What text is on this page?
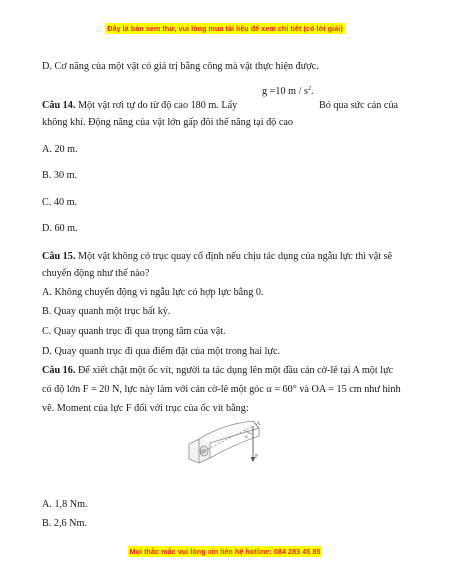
Đây là bản xem thử, vui lòng mua tài liệu để xem chi tiết (có lời giải)
D. Cơ năng của một vật có giá trị bằng công mà vật thực hiện được.
g =10 m / $s^2$.
Câu 14. Một vật rơi tự do từ độ cao 180 m. Lấy	Bỏ qua sức cản của
không khí. Động năng của vật lớn gấp đôi thế năng tại độ cao
A. 20 m.
B. 30 m.
C. 40 m.
D. 60 m.
Câu 15. Một vật không có trục quay cố định nếu chịu tác dụng của ngẫu lực thì vật sẽ
chuyển động như thế nào?
A. Không chuyển động vì ngẫu lực có hợp lực bằng 0.
B. Quay quanh một trục bất kỳ.
C. Quay quanh trục đi qua trọng tâm của vật.
D. Quay quanh trục đi qua điểm đặt của một trong hai lực.
Câu 16. Để xiết chặt một ốc vít, người ta tác dụng lên một đầu cán cờ-lê tại A một lực
có độ lớn F = 20 N, lực này làm với cán cờ-lê một góc α = 60° và OA = 15 cm như hình
vẽ. Moment của lực F đối với trục của ốc vít bằng:
A
O
α
F
A. 1,8 Nm.
B. 2,6 Nm.
Mọi thắc mắc vui lòng xin liên hệ hotline: 084 283 45 85
